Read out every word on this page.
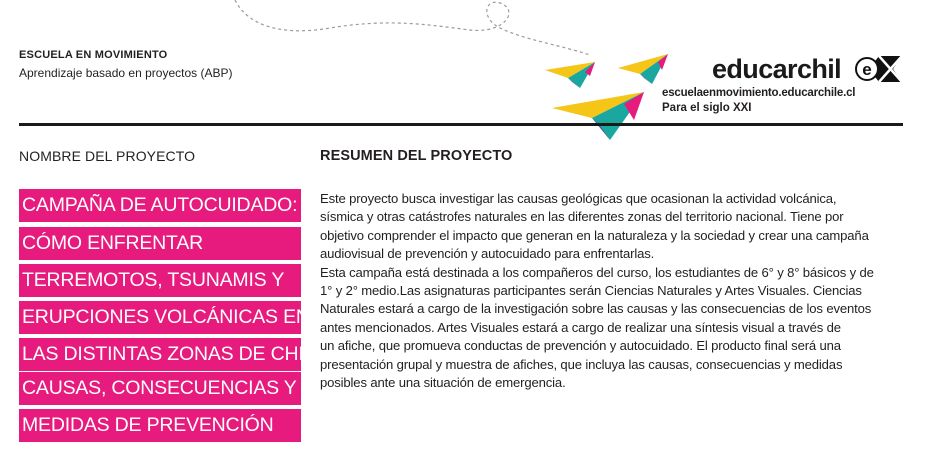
ESCUELA EN MOVIMIENTO
Aprendizaje basado en proyectos (ABP)	educarchil e
escuelaenmovimiento.educarchile.cl
Para el siglo XXI
NOMBRE DEL PROYECTO	RESUMEN DEL PROYECTO
CAMPAÑA DE AUTOCUIDADO:
CÓMO ENFRENTAR
TERREMOTOS, TSUNAMIS Y
ERUPCIONES VOLCÁNICAS EN
LAS DISTINTAS ZONAS DE CHILE?
CAUSAS, CONSECUENCIAS Y
MEDIDAS DE PREVENCIÓN

Este proyecto busca investigar las causas geológicas que ocasionan la actividad volcánica,

sísmica y otras catástrofes naturales en las diferentes zonas del territorio nacional. Tiene por

objetivo comprender el impacto que generan en la naturaleza y la sociedad y crear una campaña

audiovisual de prevención y autocuidado para enfrentarlas.

Esta campaña está destinada a los compañeros del curso, los estudiantes de 6° y 8° básicos y de

1° y 2° medio.Las asignaturas participantes serán Ciencias Naturales y Artes Visuales. Ciencias

Naturales estará a cargo de la investigación sobre las causas y las consecuencias de los eventos

antes mencionados. Artes Visuales estará a cargo de realizar una síntesis visual a través de

un afiche, que promueva conductas de prevención y autocuidado. El producto final será una

presentación grupal y muestra de afiches, que incluya las causas, consecuencias y medidas

posibles ante una situación de emergencia.
